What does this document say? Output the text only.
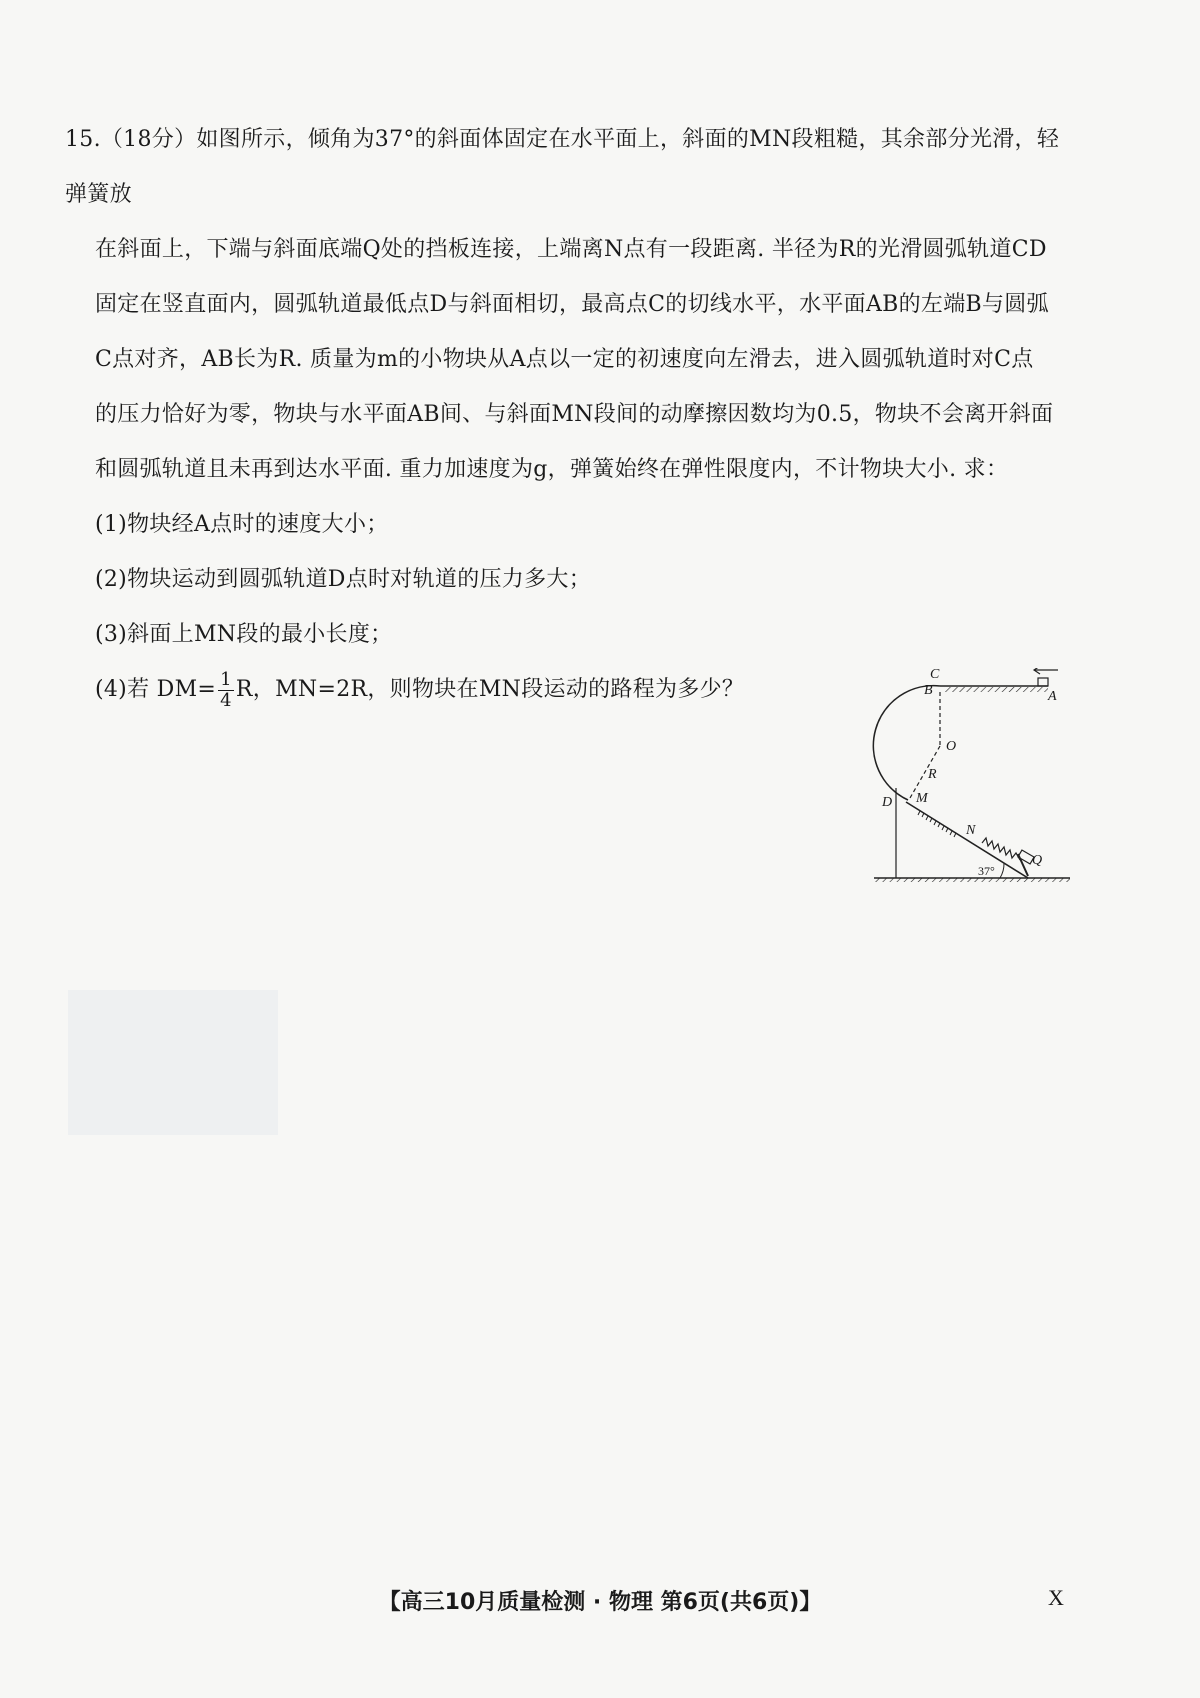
15.（18分）如图所示，倾角为37°的斜面体固定在水平面上，斜面的MN段粗糙，其余部分光滑，轻弹簧放

在斜面上，下端与斜面底端Q处的挡板连接，上端离N点有一段距离. 半径为R的光滑圆弧轨道CD

固定在竖直面内，圆弧轨道最低点D与斜面相切，最高点C的切线水平，水平面AB的左端B与圆弧

C点对齐，AB长为R. 质量为m的小物块从A点以一定的初速度向左滑去，进入圆弧轨道时对C点

的压力恰好为零，物块与水平面AB间、与斜面MN段间的动摩擦因数均为0.5，物块不会离开斜面

和圆弧轨道且未再到达水平面. 重力加速度为g，弹簧始终在弹性限度内，不计物块大小. 求：

(1)物块经A点时的速度大小；

(2)物块运动到圆弧轨道D点时对轨道的压力多大；

(3)斜面上MN段的最小长度；

(4)若 $DM= \frac{1}{4}$ R，MN=2R，则物块在MN段运动的路程为多少？

C
B	A
O
R
D M
N
Q
37°
【高三10月质量检测 · 物理 第6页(共6页)】	X
